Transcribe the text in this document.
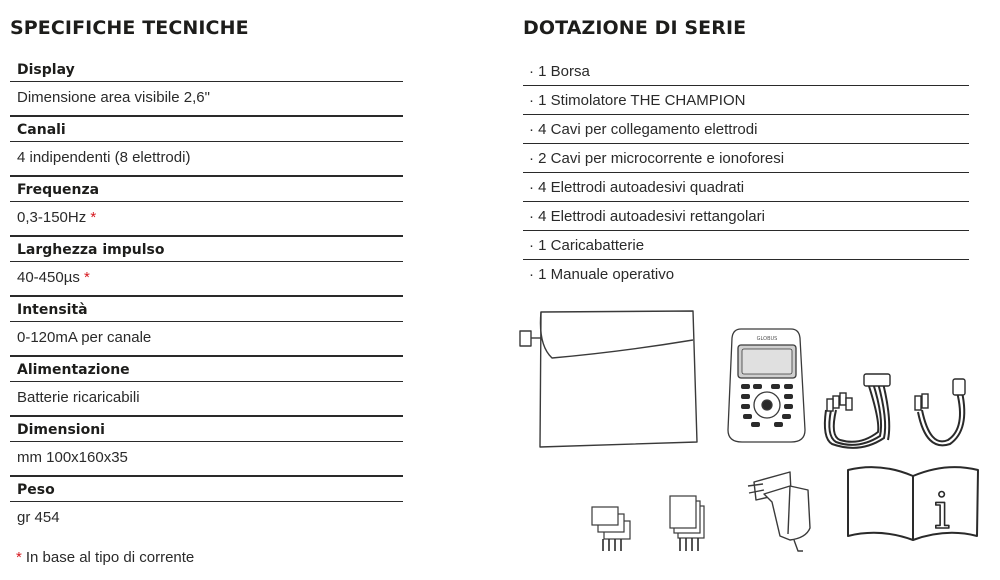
SPECIFICHE TECNICHE
Display
Dimensione area visibile 2,6"
Canali
4 indipendenti (8 elettrodi)
Frequenza
0,3-150Hz *
Larghezza impulso
40-450µs *
Intensità
0-120mA per canale
Alimentazione
Batterie ricaricabili
Dimensioni
mm 100x160x35
Peso
gr 454
* In base al tipo di corrente
DOTAZIONE DI SERIE
· 1 Borsa
· 1 Stimolatore THE CHAMPION
· 4 Cavi per collegamento elettrodi
· 2 Cavi per microcorrente e ionoforesi
· 4 Elettrodi autoadesivi quadrati
· 4 Elettrodi autoadesivi rettangolari
· 1 Caricabatterie
· 1 Manuale operativo
GLOBUS
i
